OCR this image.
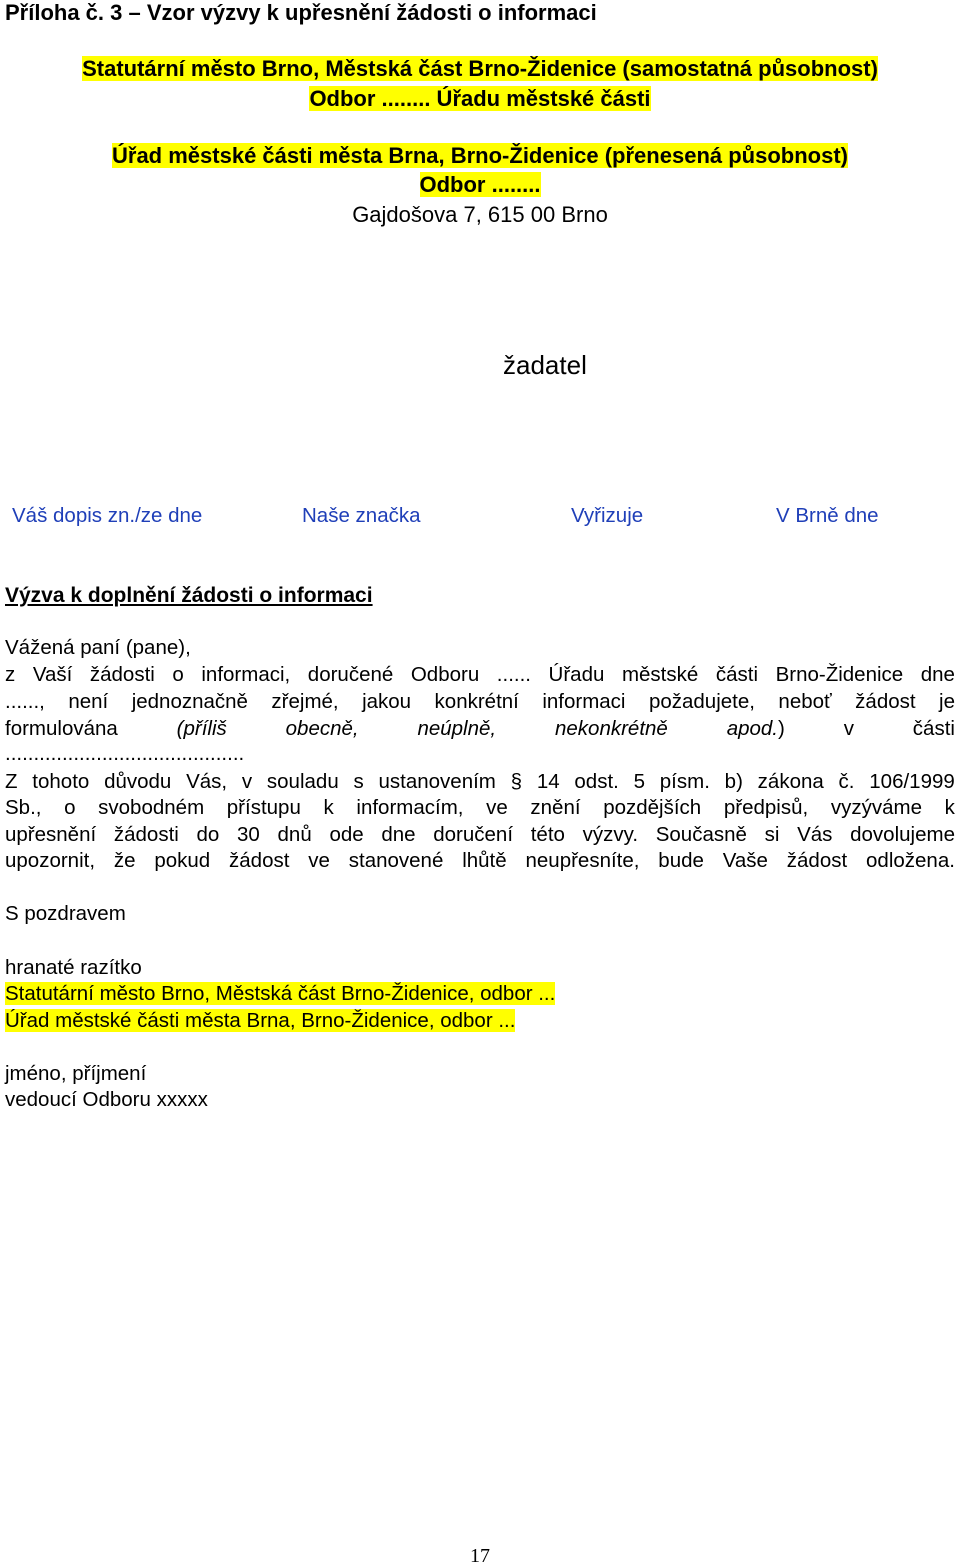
Příloha č. 3 – Vzor výzvy k upřesnění žádosti o informaci
Statutární město Brno, Městská část Brno-Židenice (samostatná působnost)
Odbor ........ Úřadu městské části
Úřad městské části města Brna, Brno-Židenice (přenesená působnost)
Odbor ........
Gajdošova 7, 615 00 Brno
žadatel
Váš dopis zn./ze dne	Naše značka	Vyřizuje	V Brně dne
Výzva k doplnění žádosti o informaci
Vážená paní (pane),
z Vaší žádosti o informaci, doručené Odboru ...... Úřadu městské části Brno-Židenice dne
......, není jednoznačně zřejmé, jakou konkrétní informaci požadujete, neboť žádost je
formulována	(příliš	obecně,	neúplně,	nekonkrétně	apod.)	v	části
..........................................
Z tohoto důvodu Vás, v souladu s ustanovením § 14 odst. 5 písm. b) zákona č. 106/1999
Sb., o svobodném přístupu k informacím, ve znění pozdějších předpisů, vyzýváme k
upřesnění žádosti do 30 dnů ode dne doručení této výzvy. Současně si Vás dovolujeme
upozornit, že pokud žádost ve stanovené lhůtě neupřesníte, bude Vaše žádost odložena.
S pozdravem
hranaté razítko
Statutární město Brno, Městská část Brno-Židenice, odbor ...
Úřad městské části města Brna, Brno-Židenice, odbor ...
jméno, příjmení
vedoucí Odboru xxxxx
17
